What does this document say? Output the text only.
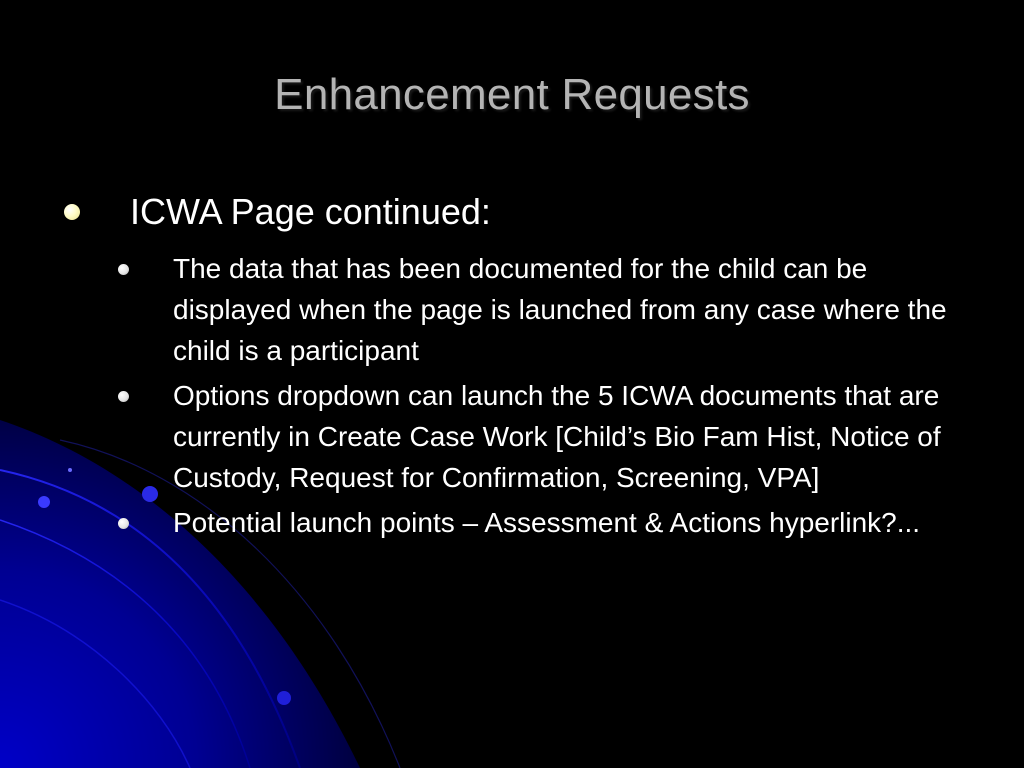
Enhancement Requests
ICWA Page continued:
The data that has been documented for the child can be displayed when the page is launched from any case where the child is a participant
Options dropdown can launch the 5 ICWA documents that are currently in Create Case Work [Child’s Bio Fam Hist, Notice of Custody, Request for Confirmation, Screening, VPA]
Potential launch points – Assessment & Actions hyperlink?...
